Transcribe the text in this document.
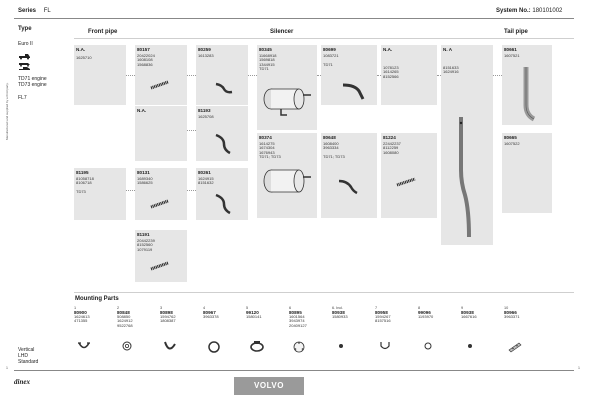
Series FL	System No.: 180101002
Manufactured and supplied by a third party.
Type
Euro II
TD71 engine
TD73 engine
FL7
Front pipe	Silencer	Tail pipe
N.A.
1625710
80157
20422024
1608108
1568836
80259
1613283
80345
11668918
1569818
1344915
TD71
80699
1083721

TD71
N.A.
1078123
1614265
8152566
N. A
8151633
1624916
80661
1607521
N.A.	81193
1625708
80374
1614275
1674304
1676943
TD71; TD73
80648
1608400
3963334

TD71; TD73
81224
22442237
8112259
1608080
80665
1607522
81195
81058718
8106718

TD73
80131
1689340
1586625
80261
1624915
8151632
81191
20442239
8152560
1079119
Mounting Parts
1
80900
1624613
471355
2
80848
508850
1624912
9522768
3
80898
1594762
1808387
4
80967
3963378
5
99120
1580141
6
80895
1601564
3943974
20409127
6. Incl.
80938
1580933
7
80958
1594267
8157516
8
99096
1193970
9
80938
1667616
10
80966
3963371
Vertical
LHD
Standard
1	1
dinex	VOLVO
